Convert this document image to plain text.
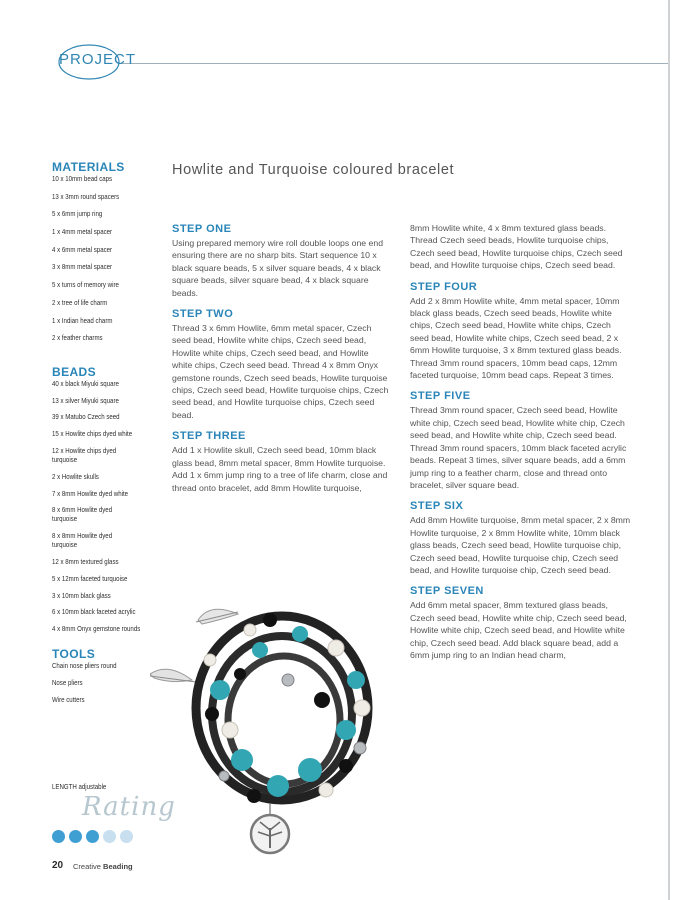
PROJECT
Howlite and Turquoise coloured bracelet
MATERIALS
10 x 10mm bead caps
13 x 3mm round spacers
5 x 6mm jump ring
1 x 4mm metal spacer
4 x 6mm metal spacer
3 x 8mm metal spacer
5 x turns of memory wire
2 x tree of life charm
1 x Indian head charm
2 x feather charms
BEADS
40 x black Miyuki square
13 x silver Miyuki square
39 x Matubo Czech seed
15 x Howlite chips dyed white
12 x Howlite chips dyed turquoise
2 x Howlite skulls
7 x 8mm Howlite dyed white
8 x 6mm Howlite dyed turquoise
8 x 8mm Howlite dyed turquoise
12 x 8mm textured glass
5 x 12mm faceted turquoise
3 x 10mm black glass
6 x 10mm black faceted acrylic
4 x 8mm Onyx gemstone rounds
TOOLS
Chain nose pliers round
Nose pliers
Wire cutters
LENGTH adjustable
Rating
20 Creative Beading
STEP ONE

Using prepared memory wire roll double loops one end ensuring there are no sharp bits. Start sequence 10 x black square beads, 5 x silver square beads, 4 x black square beads, silver square bead, 4 x black square beads.

STEP TWO

Thread 3 x 6mm Howlite, 6mm metal spacer, Czech seed bead, Howlite white chips, Czech seed bead, Howlite white chips, Czech seed bead, and Howlite white chips, Czech seed bead. Thread 4 x 8mm Onyx gemstone rounds, Czech seed beads, Howlite turquoise chips, Czech seed bead, Howlite turquoise chips, Czech seed bead, and Howlite turquoise chips, Czech seed bead.

STEP THREE

Add 1 x Howlite skull, Czech seed bead, 10mm black glass bead, 8mm metal spacer, 8mm Howlite turquoise. Add 1 x 6mm jump ring to a tree of life charm, close and thread onto bracelet, add 8mm Howlite turquoise,

8mm Howlite white, 4 x 8mm textured glass beads. Thread Czech seed beads, Howlite turquoise chips, Czech seed bead, Howlite turquoise chips, Czech seed bead, and Howlite turquoise chips, Czech seed bead.

STEP FOUR

Add 2 x 8mm Howlite white, 4mm metal spacer, 10mm black glass beads, Czech seed beads, Howlite white chips, Czech seed bead, Howlite white chips, Czech seed bead, Howlite white chips, Czech seed bead, 2 x 6mm Howlite turquoise, 3 x 8mm textured glass beads. Thread 3mm round spacers, 10mm bead caps, 12mm faceted turquoise, 10mm bead caps. Repeat 3 times.

STEP FIVE

Thread 3mm round spacer, Czech seed bead, Howlite white chip, Czech seed bead, Howlite white chip, Czech seed bead, and Howlite white chip, Czech seed bead. Thread 3mm round spacers, 10mm black faceted acrylic beads. Repeat 3 times, silver square beads, add a 6mm jump ring to a feather charm, close and thread onto bracelet, silver square bead.

STEP SIX

Add 8mm Howlite turquoise, 8mm metal spacer, 2 x 8mm Howlite turquoise, 2 x 8mm Howlite white, 10mm black glass beads, Czech seed bead, Howlite turquoise chip, Czech seed bead, Howlite turquoise chip, Czech seed bead, and Howlite turquoise chip, Czech seed bead.

STEP SEVEN

Add 6mm metal spacer, 8mm textured glass beads, Czech seed bead, Howlite white chip, Czech seed bead, Howlite white chip, Czech seed bead, and Howlite white chip, Czech seed bead. Add black square bead, add a 6mm jump ring to an Indian head charm,
